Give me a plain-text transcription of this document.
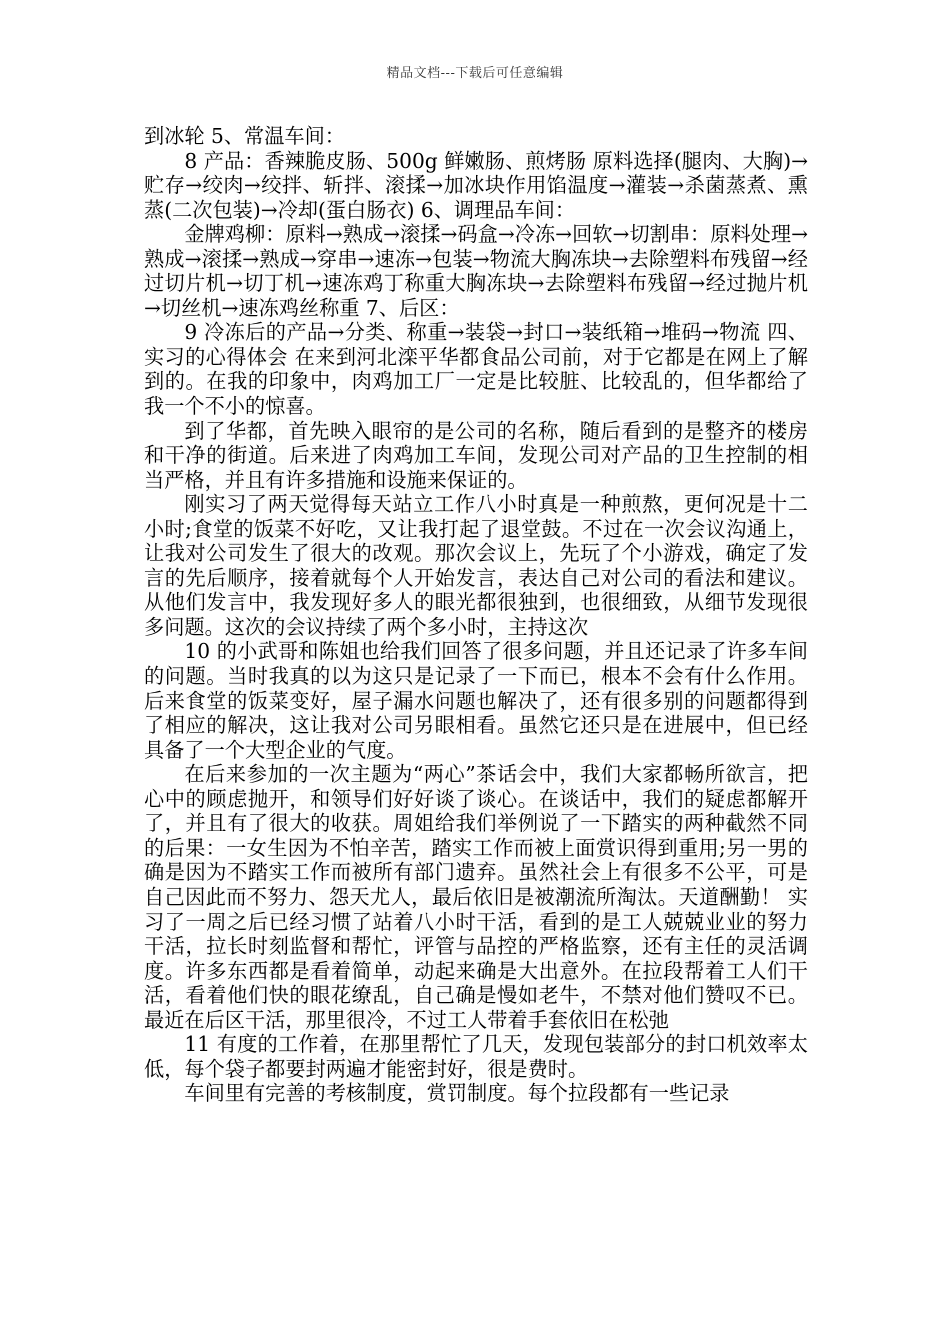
精品文档---下载后可任意编辑

到冰轮 5、常温车间：

8 产品：香辣脆皮肠、500g 鲜嫩肠、煎烤肠 原料选择(腿肉、大胸)→贮存→绞肉→绞拌、斩拌、滚揉→加冰块作用馅温度→灌装→杀菌蒸煮、熏蒸(二次包装)→冷却(蛋白肠衣) 6、调理品车间：

金牌鸡柳：原料→熟成→滚揉→码盒→冷冻→回软→切割串：原料处理→熟成→滚揉→熟成→穿串→速冻→包装→物流大胸冻块→去除塑料布残留→经过切片机→切丁机→速冻鸡丁称重大胸冻块→去除塑料布残留→经过抛片机→切丝机→速冻鸡丝称重 7、后区：

9 冷冻后的产品→分类、称重→装袋→封口→装纸箱→堆码→物流 四、实习的心得体会 在来到河北滦平华都食品公司前，对于它都是在网上了解到的。在我的印象中，肉鸡加工厂一定是比较脏、比较乱的，但华都给了我一个不小的惊喜。

到了华都，首先映入眼帘的是公司的名称，随后看到的是整齐的楼房和干净的街道。后来进了肉鸡加工车间，发现公司对产品的卫生控制的相当严格，并且有许多措施和设施来保证的。

刚实习了两天觉得每天站立工作八小时真是一种煎熬，更何况是十二小时;食堂的饭菜不好吃，又让我打起了退堂鼓。不过在一次会议沟通上，让我对公司发生了很大的改观。那次会议上，先玩了个小游戏，确定了发言的先后顺序，接着就每个人开始发言，表达自己对公司的看法和建议。从他们发言中，我发现好多人的眼光都很独到，也很细致，从细节发现很多问题。这次的会议持续了两个多小时，主持这次

10 的小武哥和陈姐也给我们回答了很多问题，并且还记录了许多车间的问题。当时我真的以为这只是记录了一下而已，根本不会有什么作用。后来食堂的饭菜变好，屋子漏水问题也解决了，还有很多别的问题都得到了相应的解决，这让我对公司另眼相看。虽然它还只是在进展中，但已经具备了一个大型企业的气度。

在后来参加的一次主题为“两心”茶话会中，我们大家都畅所欲言，把心中的顾虑抛开，和领导们好好谈了谈心。在谈话中，我们的疑虑都解开了，并且有了很大的收获。周姐给我们举例说了一下踏实的两种截然不同的后果：一女生因为不怕辛苦，踏实工作而被上面赏识得到重用;另一男的确是因为不踏实工作而被所有部门遗弃。虽然社会上有很多不公平，可是自己因此而不努力、怨天尤人，最后依旧是被潮流所淘汰。天道酬勤！ 实习了一周之后已经习惯了站着八小时干活，看到的是工人兢兢业业的努力干活，拉长时刻监督和帮忙，评管与品控的严格监察，还有主任的灵活调度。许多东西都是看着简单，动起来确是大出意外。在拉段帮着工人们干活，看着他们快的眼花缭乱，自己确是慢如老牛，不禁对他们赞叹不已。最近在后区干活，那里很冷，不过工人带着手套依旧在松弛

11 有度的工作着，在那里帮忙了几天，发现包装部分的封口机效率太低，每个袋子都要封两遍才能密封好，很是费时。

车间里有完善的考核制度，赏罚制度。每个拉段都有一些记录
